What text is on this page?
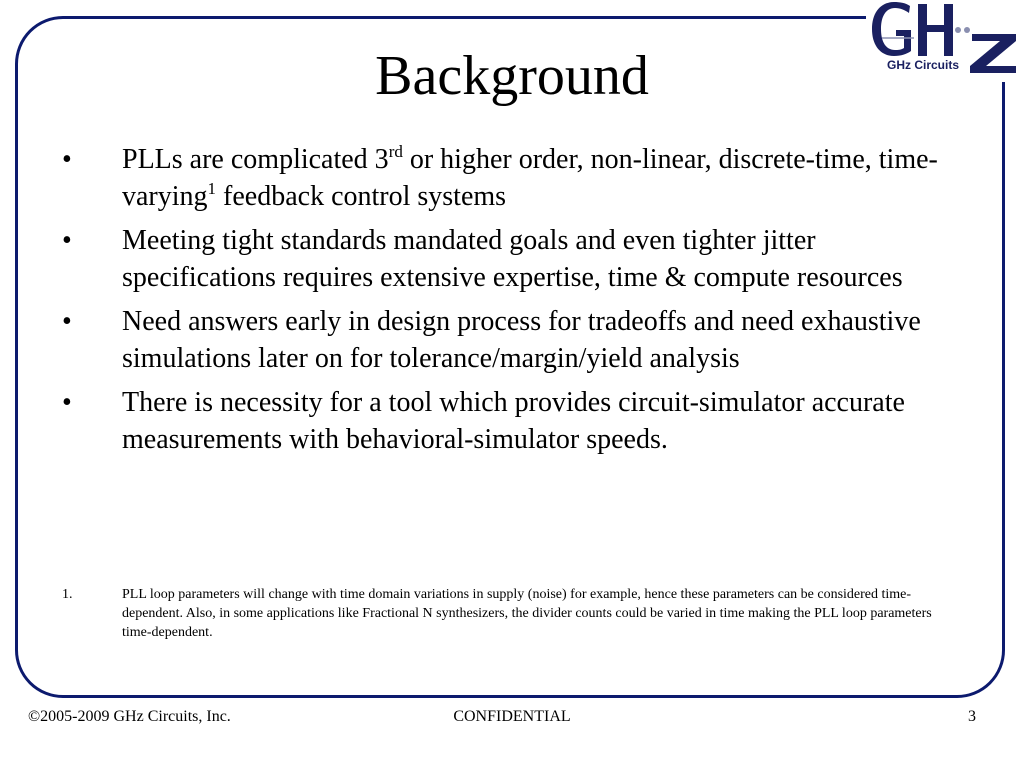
GHz Circuits
Background
• PLLs are complicated 3rd or higher order, non-linear, discrete-time, time-varying$^1$ feedback control systems
• Meeting tight standards mandated goals and even tighter jitter specifications requires extensive expertise, time & compute resources
• Need answers early in design process for tradeoffs and need exhaustive simulations later on for tolerance/margin/yield analysis
• There is necessity for a tool which provides circuit-simulator accurate measurements with behavioral-simulator speeds.
1.	PLL loop parameters will change with time domain variations in supply (noise) for example, hence these parameters can be considered time-dependent. Also, in some applications like Fractional N synthesizers, the divider counts could be varied in time making the PLL loop parameters time-dependent.
©2005-2009 GHz Circuits, Inc.	CONFIDENTIAL	3
